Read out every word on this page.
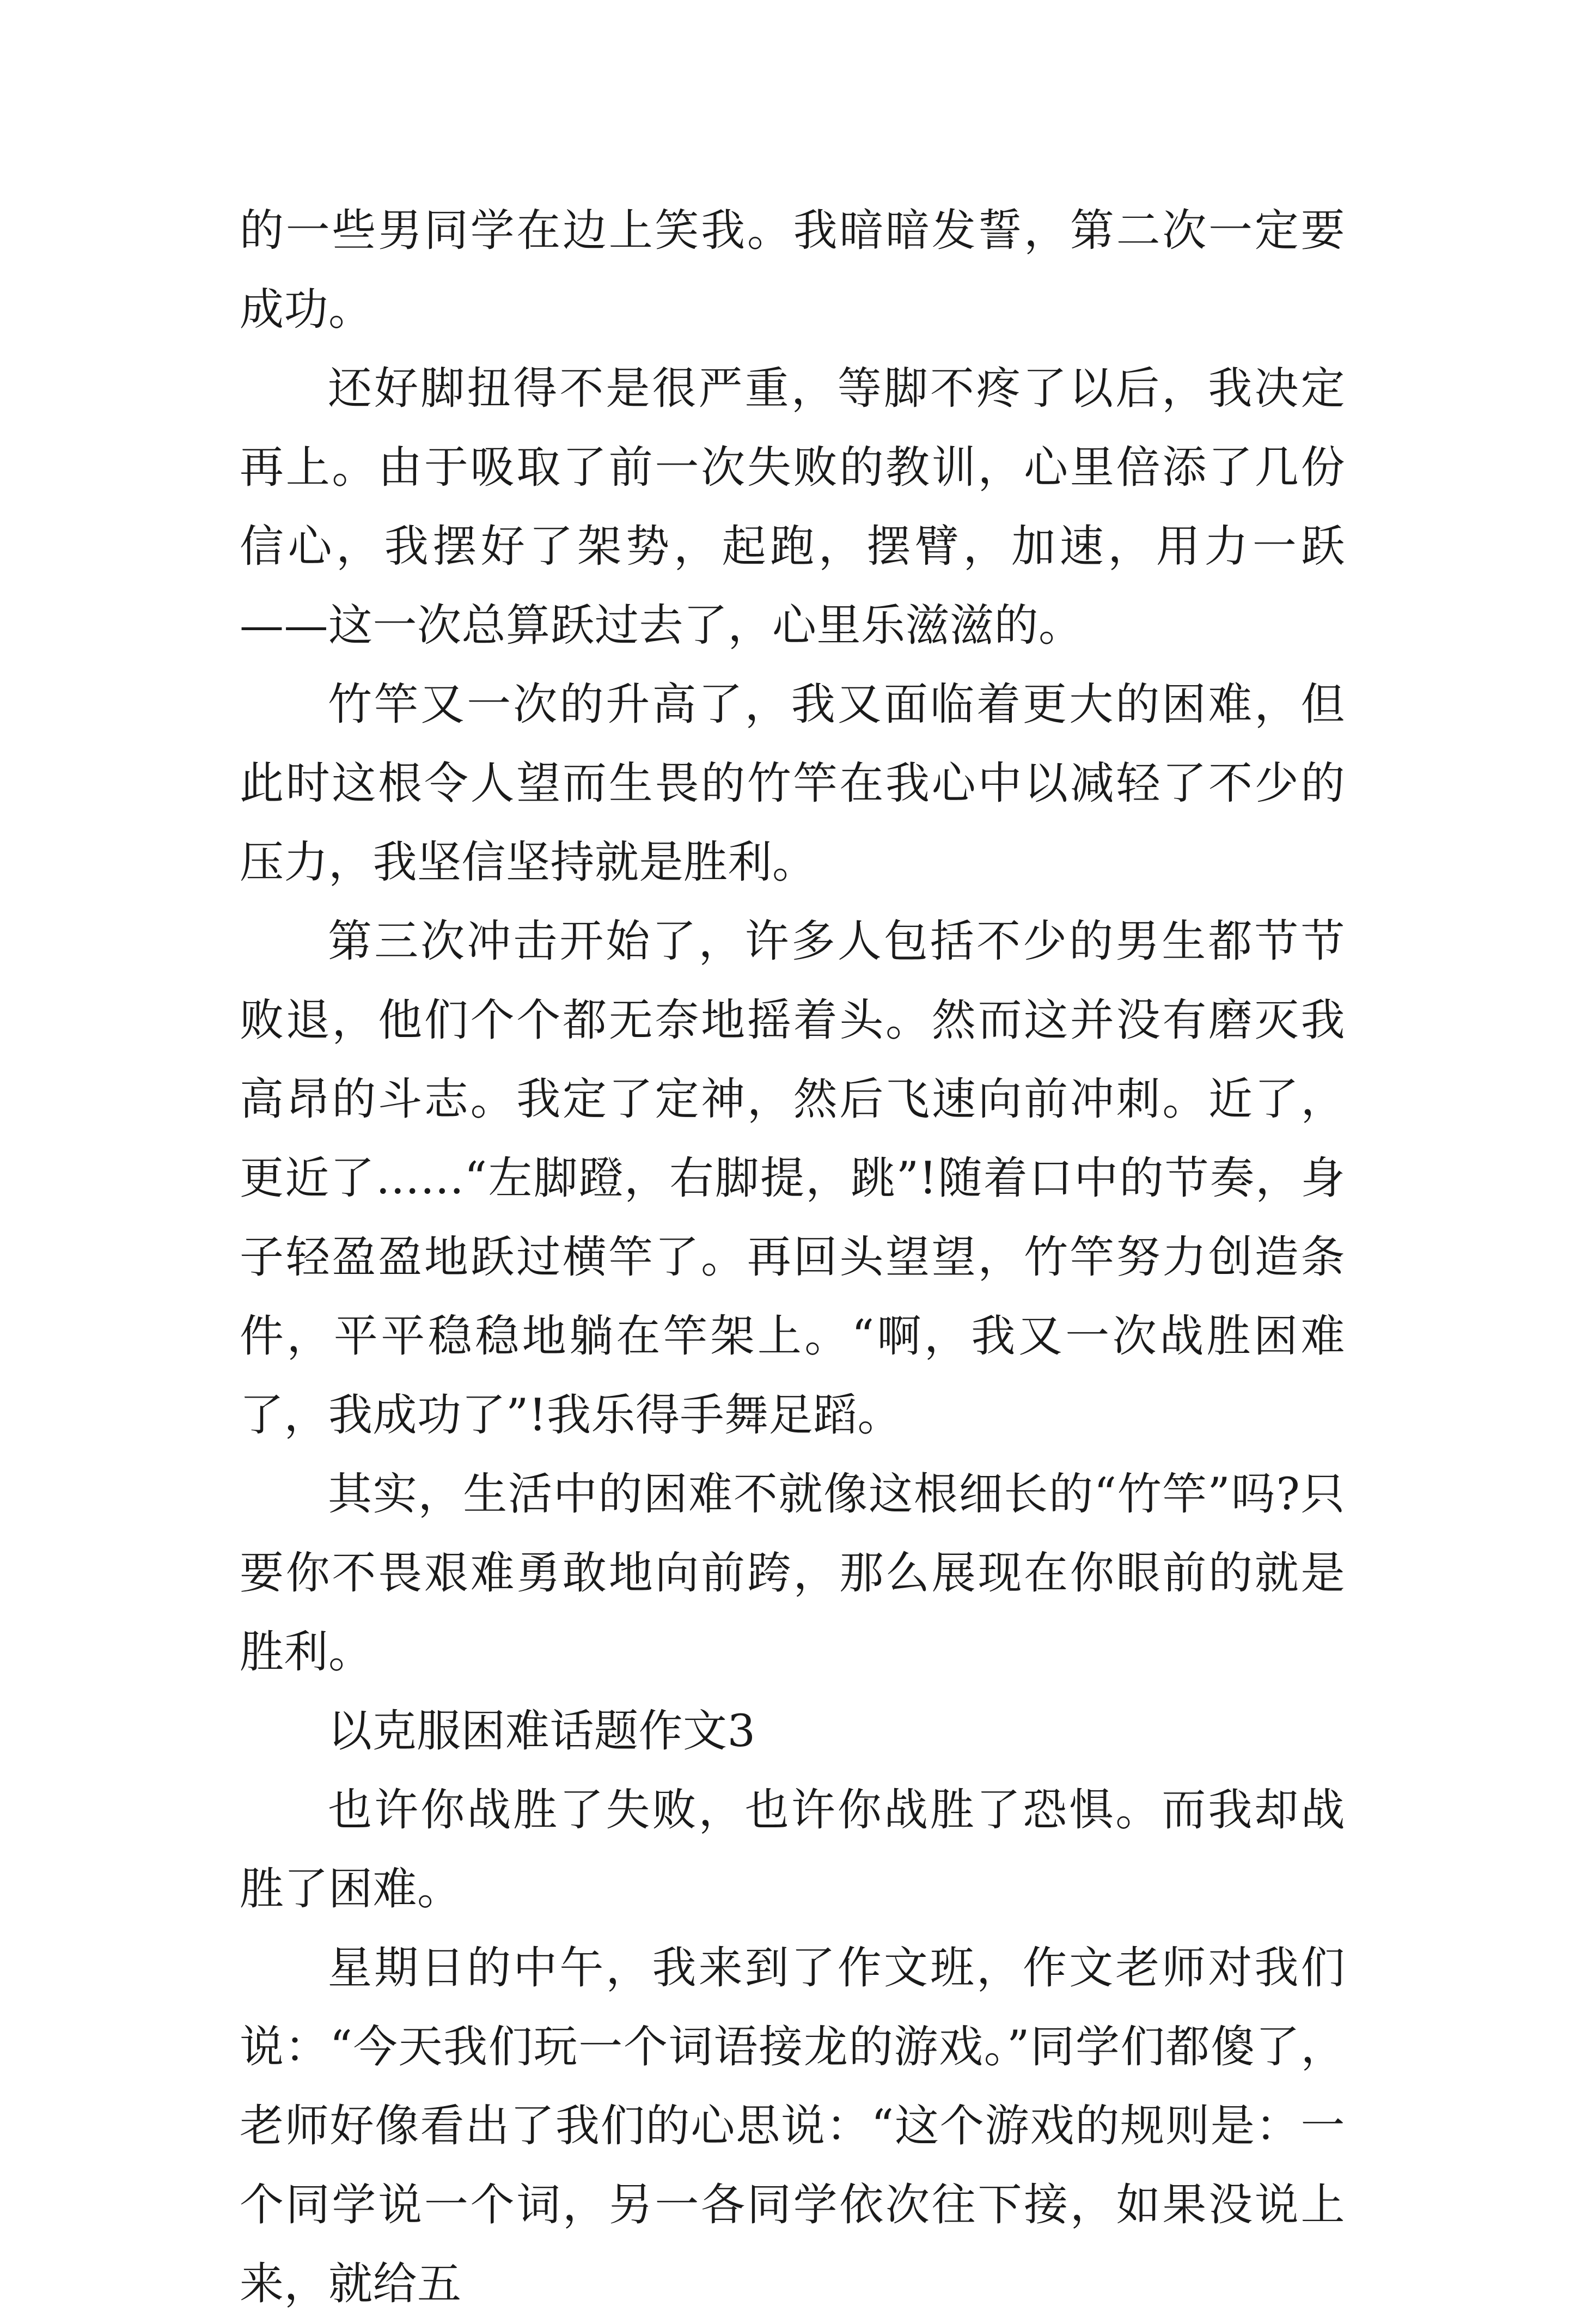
的一些男同学在边上笑我。我暗暗发誓，第二次一定要成功。

还好脚扭得不是很严重，等脚不疼了以后，我决定再上。由于吸取了前一次失败的教训，心里倍添了几份信心，我摆好了架势，起跑，摆臂，加速，用力一跃——这一次总算跃过去了，心里乐滋滋的。

竹竿又一次的升高了，我又面临着更大的困难，但此时这根令人望而生畏的竹竿在我心中以减轻了不少的压力，我坚信坚持就是胜利。

第三次冲击开始了，许多人包括不少的男生都节节败退，他们个个都无奈地摇着头。然而这并没有磨灭我高昂的斗志。我定了定神，然后飞速向前冲刺。近了，更近了……“左脚蹬，右脚提，跳”!随着口中的节奏，身子轻盈盈地跃过横竿了。再回头望望，竹竿努力创造条件，平平稳稳地躺在竿架上。“啊，我又一次战胜困难了，我成功了”!我乐得手舞足蹈。

其实，生活中的困难不就像这根细长的“竹竿”吗?只要你不畏艰难勇敢地向前跨，那么展现在你眼前的就是胜利。

以克服困难话题作文3

也许你战胜了失败，也许你战胜了恐惧。而我却战胜了困难。

星期日的中午，我来到了作文班，作文老师对我们说：“今天我们玩一个词语接龙的游戏。”同学们都傻了，老师好像看出了我们的心思说：“这个游戏的规则是：一个同学说一个词，另一各同学依次往下接，如果没说上来，就给五
